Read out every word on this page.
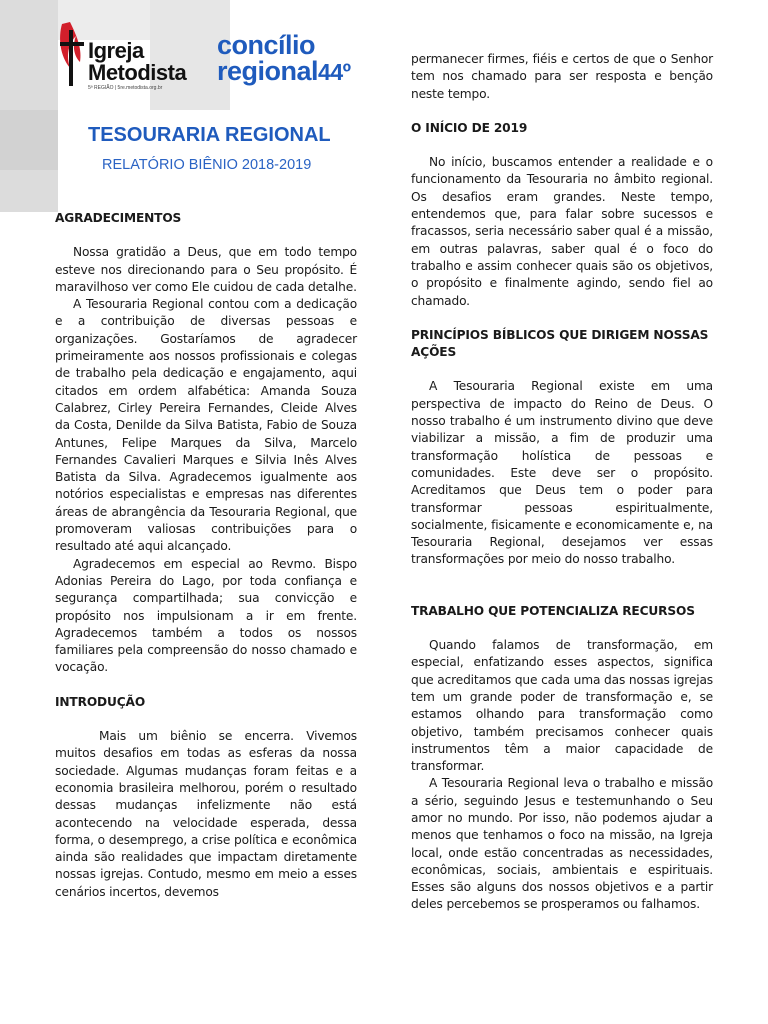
Igreja
Metodista
5ª REGIÃO | 5re.metodista.org.br
concílio
regional44º
TESOURARIA REGIONAL

RELATÓRIO BIÊNIO 2018-2019

AGRADECIMENTOS

Nossa gratidão a Deus, que em todo tempo esteve nos direcionando para o Seu propósito. É maravilhoso ver como Ele cuidou de cada detalhe.

A Tesouraria Regional contou com a dedicação e a contribuição de diversas pessoas e organizações. Gostaríamos de agradecer primeiramente aos nossos profissionais e colegas de trabalho pela dedicação e engajamento, aqui citados em ordem alfabética: Amanda Souza Calabrez, Cirley Pereira Fernandes, Cleide Alves da Costa, Denilde da Silva Batista, Fabio de Souza Antunes, Felipe Marques da Silva, Marcelo Fernandes Cavalieri Marques e Silvia Inês Alves Batista da Silva. Agradecemos igualmente aos notórios especialistas e empresas nas diferentes áreas de abrangência da Tesouraria Regional, que promoveram valiosas contribuições para o resultado até aqui alcançado.

Agradecemos em especial ao Revmo. Bispo Adonias Pereira do Lago, por toda confiança e segurança compartilhada; sua convicção e propósito nos impulsionam a ir em frente. Agradecemos também a todos os nossos familiares pela compreensão do nosso chamado e vocação.

INTRODUÇÃO

Mais um biênio se encerra. Vivemos muitos desafios em todas as esferas da nossa sociedade. Algumas mudanças foram feitas e a economia brasileira melhorou, porém o resultado dessas mudanças infelizmente não está acontecendo na velocidade esperada, dessa forma, o desemprego, a crise política e econômica ainda são realidades que impactam diretamente nossas igrejas. Contudo, mesmo em meio a esses cenários incertos, devemos

permanecer firmes, fiéis e certos de que o Senhor tem nos chamado para ser resposta e benção neste tempo.

O INÍCIO DE 2019

No início, buscamos entender a realidade e o funcionamento da Tesouraria no âmbito regional. Os desafios eram grandes. Neste tempo, entendemos que, para falar sobre sucessos e fracassos, seria necessário saber qual é a missão, em outras palavras, saber qual é o foco do trabalho e assim conhecer quais são os objetivos, o propósito e finalmente agindo, sendo fiel ao chamado.

PRINCÍPIOS BÍBLICOS QUE DIRIGEM NOSSAS AÇÕES

A Tesouraria Regional existe em uma perspectiva de impacto do Reino de Deus. O nosso trabalho é um instrumento divino que deve viabilizar a missão, a fim de produzir uma transformação holística de pessoas e comunidades. Este deve ser o propósito. Acreditamos que Deus tem o poder para transformar pessoas espiritualmente, socialmente, fisicamente e economicamente e, na Tesouraria Regional, desejamos ver essas transformações por meio do nosso trabalho.

TRABALHO QUE POTENCIALIZA RECURSOS

Quando falamos de transformação, em especial, enfatizando esses aspectos, significa que acreditamos que cada uma das nossas igrejas tem um grande poder de transformação e, se estamos olhando para transformação como objetivo, também precisamos conhecer quais instrumentos têm a maior capacidade de transformar.

A Tesouraria Regional leva o trabalho e missão a sério, seguindo Jesus e testemunhando o Seu amor no mundo. Por isso, não podemos ajudar a menos que tenhamos o foco na missão, na Igreja local, onde estão concentradas as necessidades, econômicas, sociais, ambientais e espirituais. Esses são alguns dos nossos objetivos e a partir deles percebemos se prosperamos ou falhamos.
